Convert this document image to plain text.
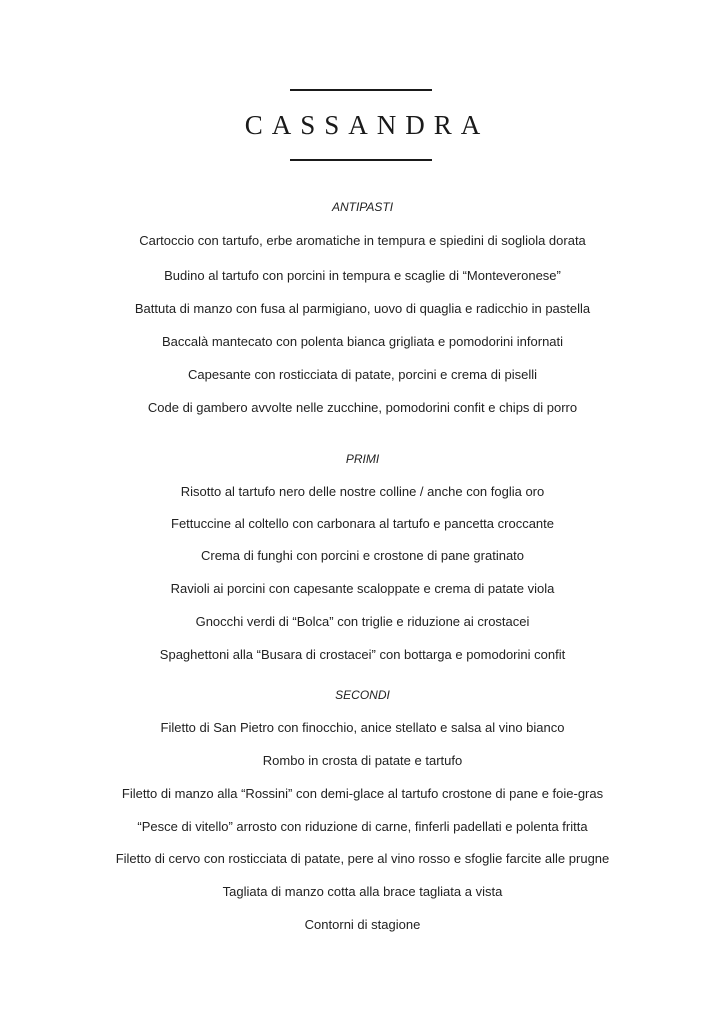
CASSANDRA
ANTIPASTI
Cartoccio con tartufo, erbe aromatiche in tempura e spiedini di sogliola dorata
Budino al tartufo con porcini in tempura e scaglie di “Monteveronese”
Battuta di manzo con fusa al parmigiano, uovo di quaglia e radicchio in pastella
Baccalà mantecato con polenta bianca grigliata e pomodorini infornati
Capesante con rosticciata di patate, porcini e crema di piselli
Code di gambero avvolte nelle zucchine, pomodorini confit e chips di porro
PRIMI
Risotto al tartufo nero delle nostre colline / anche con foglia oro
Fettuccine al coltello con carbonara al tartufo e pancetta croccante
Crema di funghi con porcini e crostone di pane gratinato
Ravioli ai porcini con capesante scaloppate e crema di patate viola
Gnocchi verdi di “Bolca” con triglie e riduzione ai crostacei
Spaghettoni alla “Busara di crostacei” con bottarga e pomodorini confit
SECONDI
Filetto di San Pietro con finocchio, anice stellato e salsa al vino bianco
Rombo in crosta di patate e tartufo
Filetto di manzo alla “Rossini” con demi-glace al tartufo crostone di pane e foie-gras
“Pesce di vitello” arrosto con riduzione di carne, finferli padellati e polenta fritta
Filetto di cervo con rosticciata di patate, pere al vino rosso e sfoglie farcite alle prugne
Tagliata di manzo cotta alla brace tagliata a vista
Contorni di stagione
